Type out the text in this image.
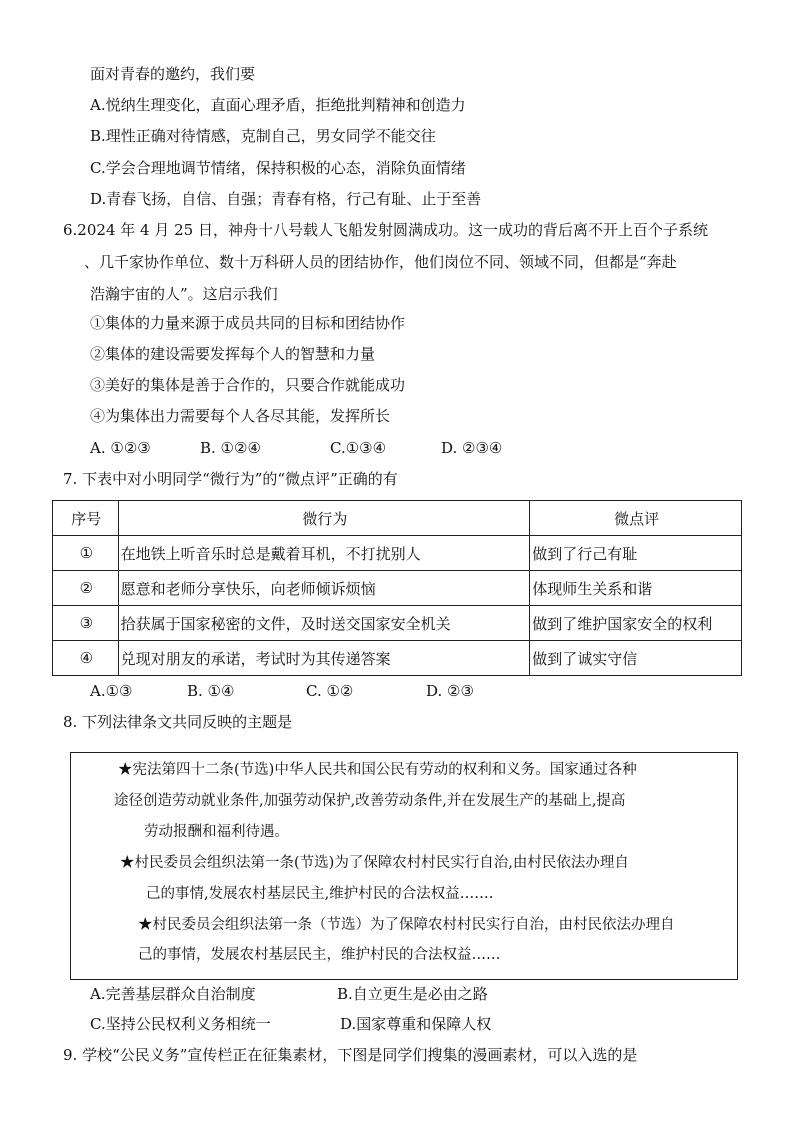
面对青春的邀约，我们要
A.悦纳生理变化，直面心理矛盾，拒绝批判精神和创造力
B.理性正确对待情感，克制自己，男女同学不能交往
C.学会合理地调节情绪，保持积极的心态，消除负面情绪
D.青春飞扬，自信、自强；青春有格，行己有耻、止于至善
6.2024 年 4 月 25 日，神舟十八号载人飞船发射圆满成功。这一成功的背后离不开上百个子系统
、几千家协作单位、数十万科研人员的团结协作，他们岗位不同、领域不同，但都是“奔赴
浩瀚宇宙的人”。这启示我们
①集体的力量来源于成员共同的目标和团结协作
②集体的建设需要发挥每个人的智慧和力量
③美好的集体是善于合作的，只要合作就能成功
④为集体出力需要每个人各尽其能，发挥所长
A. ①②③	B. ①②④	C.①③④	D. ②③④
7. 下表中对小明同学“微行为”的“微点评”正确的有
序号	微行为	微点评
①	在地铁上听音乐时总是戴着耳机，不打扰别人	做到了行己有耻
②	愿意和老师分享快乐，向老师倾诉烦恼	体现师生关系和谐
③	拾获属于国家秘密的文件，及时送交国家安全机关	做到了维护国家安全的权利
④	兑现对朋友的承诺，考试时为其传递答案	做到了诚实守信
A.①③	B. ①④	C. ①②	D. ②③
8. 下列法律条文共同反映的主题是
★宪法第四十二条(节选)中华人民共和国公民有劳动的权利和义务。国家通过各种
途径创造劳动就业条件,加强劳动保护,改善劳动条件,并在发展生产的基础上,提高
劳动报酬和福利待遇。
★村民委员会组织法第一条(节选)为了保障农村村民实行自治,由村民依法办理自
己的事情,发展农村基层民主,维护村民的合法权益…….
★村民委员会组织法第一条（节选）为了保障农村村民实行自治，由村民依法办理自
己的事情，发展农村基层民主，维护村民的合法权益……
A.完善基层群众自治制度	B.自立更生是必由之路
C.坚持公民权利义务相统一	D.国家尊重和保障人权
9. 学校“公民义务”宣传栏正在征集素材，下图是同学们搜集的漫画素材，可以入选的是
